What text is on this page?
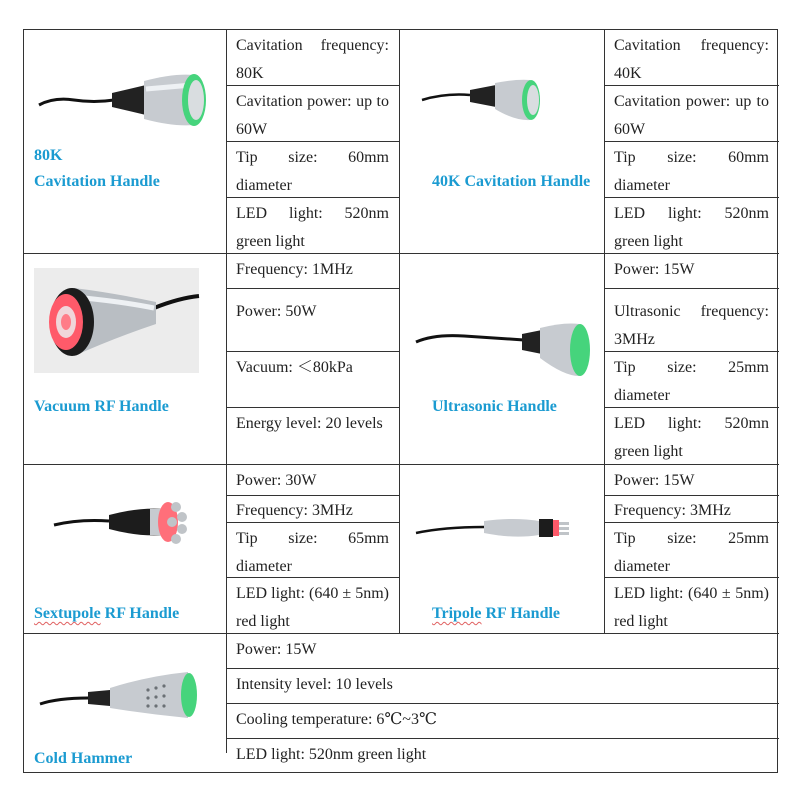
80K
Cavitation Handle
Cavitation frequency: 80K
Cavitation power: up to 60W
Tip size: 60mm diameter
LED light: 520nm green light
40K Cavitation Handle
Cavitation frequency: 40K
Cavitation power: up to 60W
Tip size: 60mm diameter
LED light: 520nm green light
Vacuum RF Handle
Frequency: 1MHz
Power: 50W
Vacuum: ＜80kPa
Energy level: 20 levels
Ultrasonic Handle
Power: 15W
Ultrasonic frequency: 3MHz
Tip size: 25mm diameter
LED light: 520mn green light
Sextupole RF Handle
Power: 30W
Frequency: 3MHz
Tip size: 65mm diameter
LED light: (640 ± 5nm) red light	Tripole RF Handle
Power: 15W
Frequency: 3MHz
Tip size: 25mm diameter
LED light: (640 ± 5nm) red light
Cold Hammer
Power: 15W
Intensity level: 10 levels
Cooling temperature: 6℃~3℃
LED light: 520nm green light
